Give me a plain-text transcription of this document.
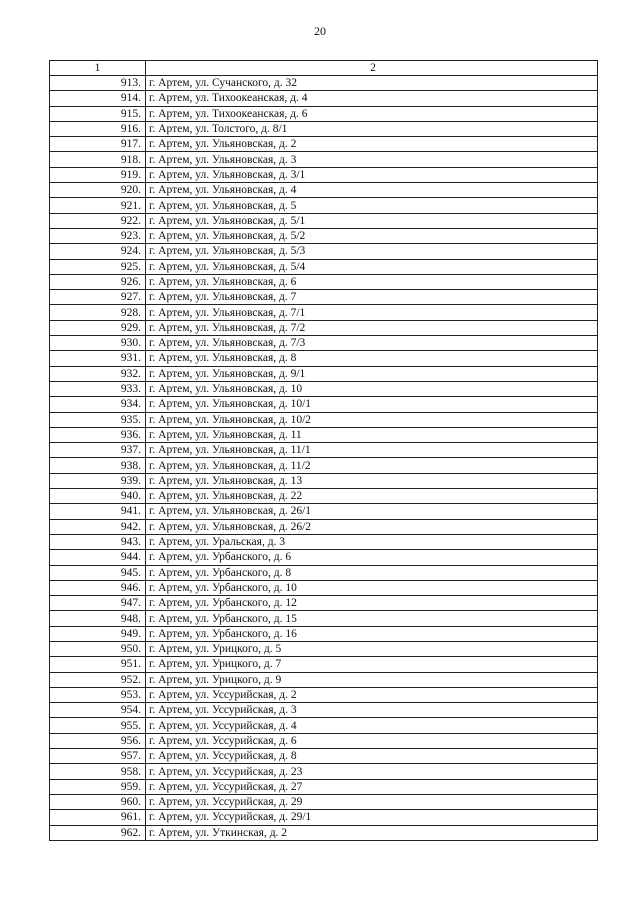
20
1	2
913.	г. Артем, ул. Сучанского, д. 32
914.	г. Артем, ул. Тихоокеанская, д. 4
915.	г. Артем, ул. Тихоокеанская, д. 6
916.	г. Артем, ул. Толстого, д. 8/1
917.	г. Артем, ул. Ульяновская, д. 2
918.	г. Артем, ул. Ульяновская, д. 3
919.	г. Артем, ул. Ульяновская, д. 3/1
920.	г. Артем, ул. Ульяновская, д. 4
921.	г. Артем, ул. Ульяновская, д. 5
922.	г. Артем, ул. Ульяновская, д. 5/1
923.	г. Артем, ул. Ульяновская, д. 5/2
924.	г. Артем, ул. Ульяновская, д. 5/3
925.	г. Артем, ул. Ульяновская, д. 5/4
926.	г. Артем, ул. Ульяновская, д. 6
927.	г. Артем, ул. Ульяновская, д. 7
928.	г. Артем, ул. Ульяновская, д. 7/1
929.	г. Артем, ул. Ульяновская, д. 7/2
930.	г. Артем, ул. Ульяновская, д. 7/3
931.	г. Артем, ул. Ульяновская, д. 8
932.	г. Артем, ул. Ульяновская, д. 9/1
933.	г. Артем, ул. Ульяновская, д. 10
934.	г. Артем, ул. Ульяновская, д. 10/1
935.	г. Артем, ул. Ульяновская, д. 10/2
936.	г. Артем, ул. Ульяновская, д. 11
937.	г. Артем, ул. Ульяновская, д. 11/1
938.	г. Артем, ул. Ульяновская, д. 11/2
939.	г. Артем, ул. Ульяновская, д. 13
940.	г. Артем, ул. Ульяновская, д. 22
941.	г. Артем, ул. Ульяновская, д. 26/1
942.	г. Артем, ул. Ульяновская, д. 26/2
943.	г. Артем, ул. Уральская, д. 3
944.	г. Артем, ул. Урбанского, д. 6
945.	г. Артем, ул. Урбанского, д. 8
946.	г. Артем, ул. Урбанского, д. 10
947.	г. Артем, ул. Урбанского, д. 12
948.	г. Артем, ул. Урбанского, д. 15
949.	г. Артем, ул. Урбанского, д. 16
950.	г. Артем, ул. Урицкого, д. 5
951.	г. Артем, ул. Урицкого, д. 7
952.	г. Артем, ул. Урицкого, д. 9
953.	г. Артем, ул. Уссурийская, д. 2
954.	г. Артем, ул. Уссурийская, д. 3
955.	г. Артем, ул. Уссурийская, д. 4
956.	г. Артем, ул. Уссурийская, д. 6
957.	г. Артем, ул. Уссурийская, д. 8
958.	г. Артем, ул. Уссурийская, д. 23
959.	г. Артем, ул. Уссурийская, д. 27
960.	г. Артем, ул. Уссурийская, д. 29
961.	г. Артем, ул. Уссурийская, д. 29/1
962.	г. Артем, ул. Уткинская, д. 2
